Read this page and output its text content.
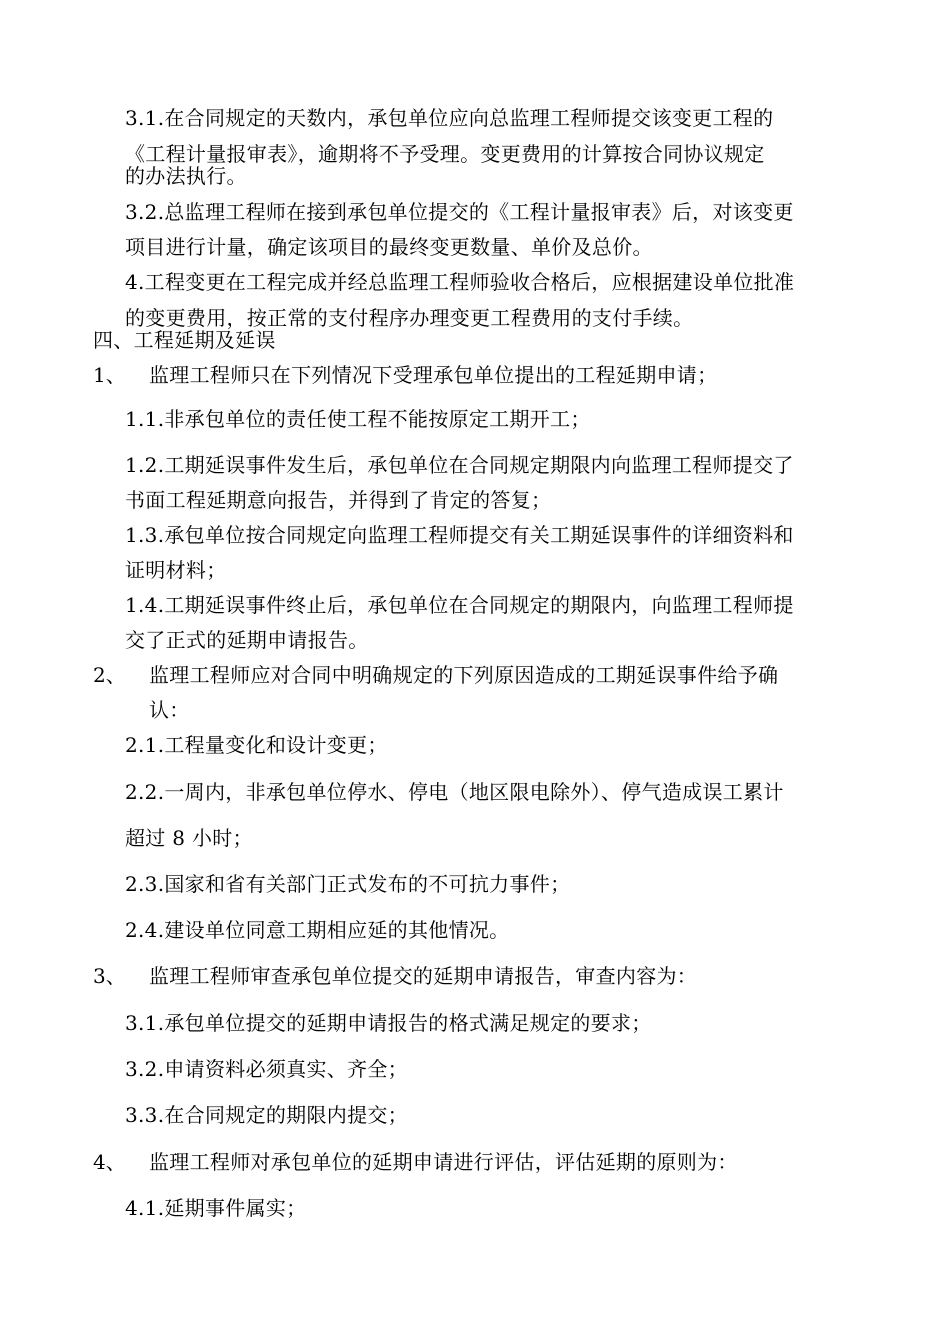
3.1.在合同规定的天数内，承包单位应向总监理工程师提交该变更工程的
《工程计量报审表》，逾期将不予受理。变更费用的计算按合同协议规定
的办法执行。
3.2.总监理工程师在接到承包单位提交的《工程计量报审表》后，对该变更
项目进行计量，确定该项目的最终变更数量、单价及总价。
4.工程变更在工程完成并经总监理工程师验收合格后，应根据建设单位批准
的变更费用，按正常的支付程序办理变更工程费用的支付手续。
四、工程延期及延误
1、 监理工程师只在下列情况下受理承包单位提出的工程延期申请；
1.1.非承包单位的责任使工程不能按原定工期开工；
1.2.工期延误事件发生后，承包单位在合同规定期限内向监理工程师提交了
书面工程延期意向报告，并得到了肯定的答复；
1.3.承包单位按合同规定向监理工程师提交有关工期延误事件的详细资料和
证明材料；
1.4.工期延误事件终止后，承包单位在合同规定的期限内，向监理工程师提
交了正式的延期申请报告。
2、 监理工程师应对合同中明确规定的下列原因造成的工期延误事件给予确
认：
2.1.工程量变化和设计变更；
2.2.一周内，非承包单位停水、停电（地区限电除外）、停气造成误工累计
超过 8 小时；
2.3.国家和省有关部门正式发布的不可抗力事件；
2.4.建设单位同意工期相应延的其他情况。
3、 监理工程师审查承包单位提交的延期申请报告，审查内容为：
3.1.承包单位提交的延期申请报告的格式满足规定的要求；
3.2.申请资料必须真实、齐全；
3.3.在合同规定的期限内提交；
4、 监理工程师对承包单位的延期申请进行评估，评估延期的原则为：
4.1.延期事件属实；
